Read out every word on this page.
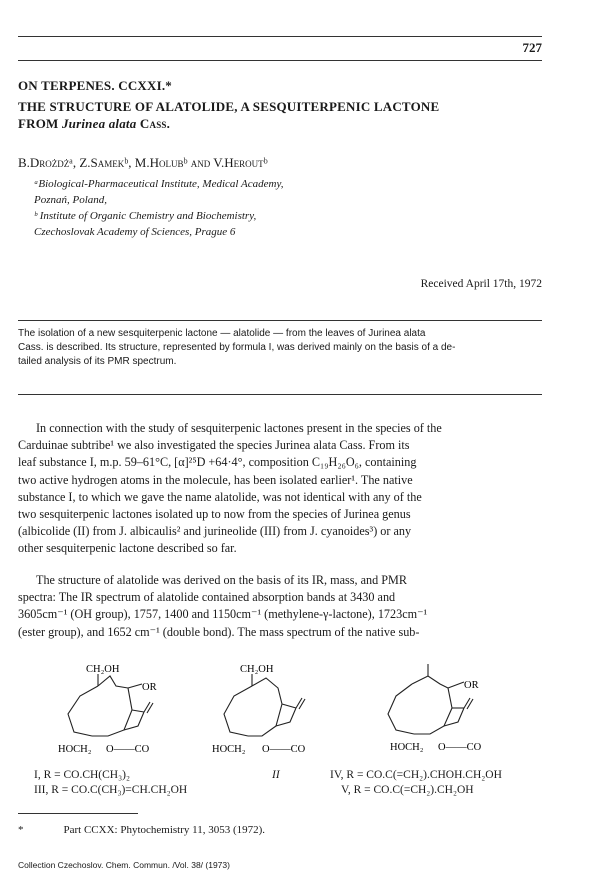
727
ON TERPENES. CCXXI.*
THE STRUCTURE OF ALATOLIDE, A SESQUITERPENIC LACTONE
FROM Jurinea alata Cass.
B.Drożdżᵃ, Z.Samekᵇ, M.Holubᵇ and V.Heroutᵇ
ᵃBiological-Pharmaceutical Institute, Medical Academy,
Poznań, Poland,
ᵇ Institute of Organic Chemistry and Biochemistry,
Czechoslovak Academy of Sciences, Prague 6
Received April 17th, 1972
The isolation of a new sesquiterpenic lactone — alatolide — from the leaves of Jurinea alata
Cass. is described. Its structure, represented by formula I, was derived mainly on the basis of a de-
tailed analysis of its PMR spectrum.
In connection with the study of sesquiterpenic lactones present in the species of the
Carduinae subtribe¹ we also investigated the species Jurinea alata Cass. From its
leaf substance I, m.p. 59–61°C, [α]²⁵D +64·4°, composition C₁₉H₂₆O₆, containing
two active hydrogen atoms in the molecule, has been isolated earlier¹. The native
substance I, to which we gave the name alatolide, was not identical with any of the
two sesquiterpenic lactones isolated up to now from the species of Jurinea genus
(albicolide (II) from J. albicaulis² and jurineolide (III) from J. cyanoides³) or any
other sesquiterpenic lactone described so far.
The structure of alatolide was derived on the basis of its IR, mass, and PMR
spectra: The IR spectrum of alatolide contained absorption bands at 3430 and
3605cm⁻¹ (OH group), 1757, 1400 and 1150cm⁻¹ (methylene-γ-lactone), 1723cm⁻¹
(ester group), and 1652 cm⁻¹ (double bond). The mass spectrum of the native sub-
CH₂OH
OR
HOCH₂ O——CO
CH₂OH
HOCH₂ O——CO
OR
HOCH₂ O——CO
I, R = CO.CH(CH₃)₂
III, R = CO.C(CH₃)=CH.CH₂OH
II	IV, R = CO.C(=CH₂).CHOH.CH₂OH
V, R = CO.C(=CH₂).CH₂OH
*	Part CCXX: Phytochemistry 11, 3053 (1972).
Collection Czechoslov. Chem. Commun. /Vol. 38/ (1973)
